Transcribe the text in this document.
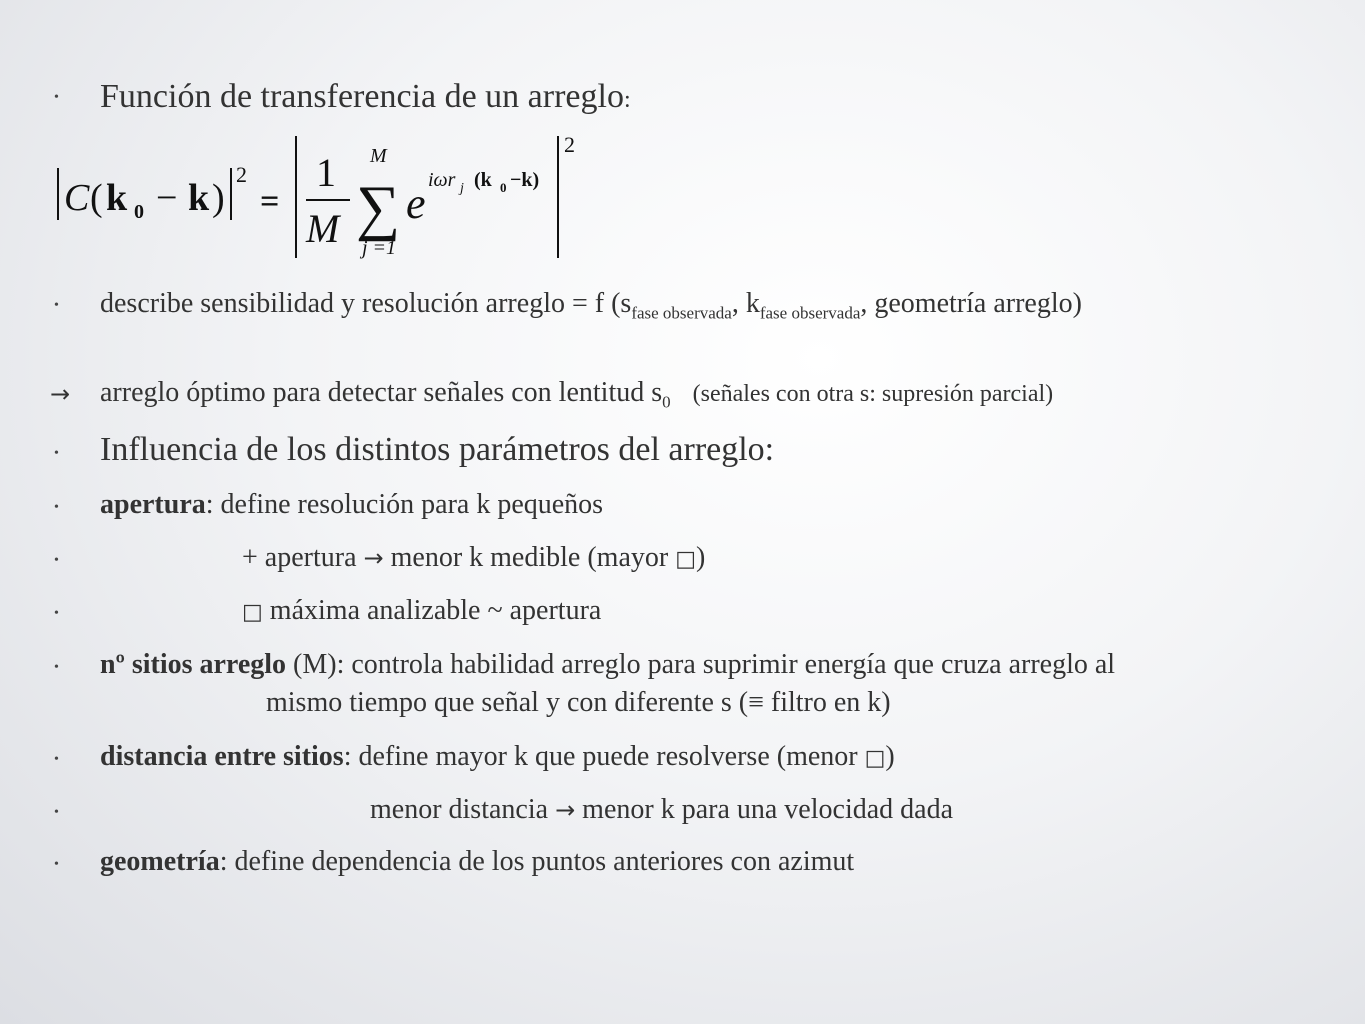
• Función de transferencia de un arreglo:
C ( k 0 − k )
2
=
1
M
M
∑
j =1
e iωr j (k 0 −k)
2
• describe sensibilidad y resolución arreglo = f ($s_{fase observada}$, $k_{fase observada}$, geometría arreglo)
→ arreglo óptimo para detectar señales con lentitud $s_0$ (señales con otra s: supresión parcial)
• Influencia de los distintos parámetros del arreglo:
• apertura: define resolución para k pequeños
•	+ apertura → menor k medible (mayor □)
•	□ máxima analizable ~ apertura
• nº sitios arreglo (M): controla habilidad arreglo para suprimir energía que cruza arreglo al
mismo tiempo que señal y con diferente s (≡ filtro en k)
• distancia entre sitios: define mayor k que puede resolverse (menor □)
•	menor distancia → menor k para una velocidad dada
• geometría: define dependencia de los puntos anteriores con azimut
